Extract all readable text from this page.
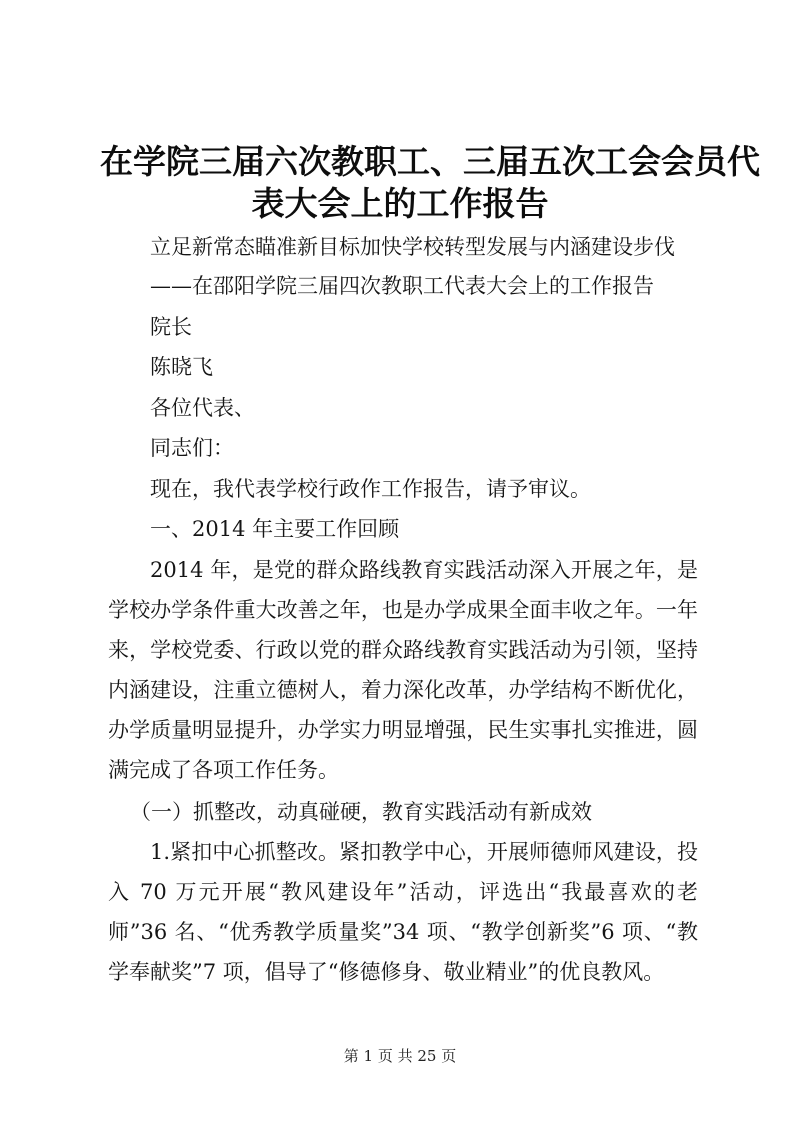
在学院三届六次教职工、三届五次工会会员代
表大会上的工作报告
立足新常态瞄准新目标加快学校转型发展与内涵建设步伐
——在邵阳学院三届四次教职工代表大会上的工作报告
院长
陈晓飞
各位代表、
同志们：
现在，我代表学校行政作工作报告，请予审议。
一、2014 年主要工作回顾
2014 年，是党的群众路线教育实践活动深入开展之年，是学校办学条件重大改善之年，也是办学成果全面丰收之年。一年来，学校党委、行政以党的群众路线教育实践活动为引领，坚持内涵建设，注重立德树人，着力深化改革，办学结构不断优化，办学质量明显提升，办学实力明显增强，民生实事扎实推进，圆满完成了各项工作任务。
（一）抓整改，动真碰硬，教育实践活动有新成效
1.紧扣中心抓整改。紧扣教学中心，开展师德师风建设，投入 70 万元开展“教风建设年”活动，评选出“我最喜欢的老师”36 名、“优秀教学质量奖”34 项、“教学创新奖”6 项、“教学奉献奖”7 项，倡导了“修德修身、敬业精业”的优良教风。
第 1 页 共 25 页
